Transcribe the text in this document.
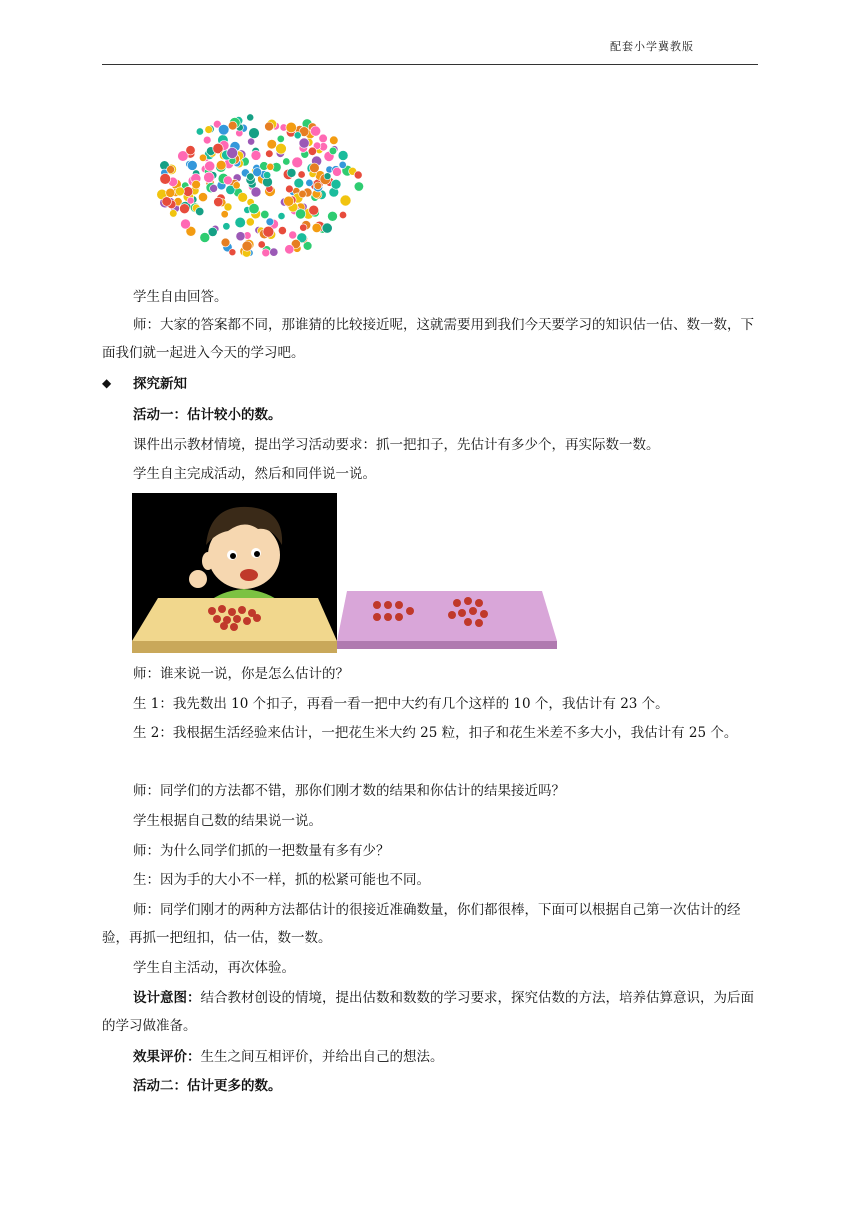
配套小学冀教版
学生自由回答。
师：大家的答案都不同，那谁猜的比较接近呢，这就需要用到我们今天要学习的知识估一估、数一数，下面我们就一起进入今天的学习吧。
◆ 探究新知
活动一：估计较小的数。
课件出示教材情境，提出学习活动要求：抓一把扣子，先估计有多少个，再实际数一数。
学生自主完成活动，然后和同伴说一说。
师：谁来说一说，你是怎么估计的？
生 1：我先数出 10 个扣子，再看一看一把中大约有几个这样的 10 个，我估计有 23 个。
生 2：我根据生活经验来估计，一把花生米大约 25 粒，扣子和花生米差不多大小，我估计有 25 个。
师：同学们的方法都不错，那你们刚才数的结果和你估计的结果接近吗？
学生根据自己数的结果说一说。
师：为什么同学们抓的一把数量有多有少？
生：因为手的大小不一样，抓的松紧可能也不同。
师：同学们刚才的两种方法都估计的很接近准确数量，你们都很棒，下面可以根据自己第一次估计的经验，再抓一把纽扣，估一估，数一数。
学生自主活动，再次体验。
设计意图：结合教材创设的情境，提出估数和数数的学习要求，探究估数的方法，培养估算意识，为后面的学习做准备。
效果评价：生生之间互相评价，并给出自己的想法。
活动二：估计更多的数。
